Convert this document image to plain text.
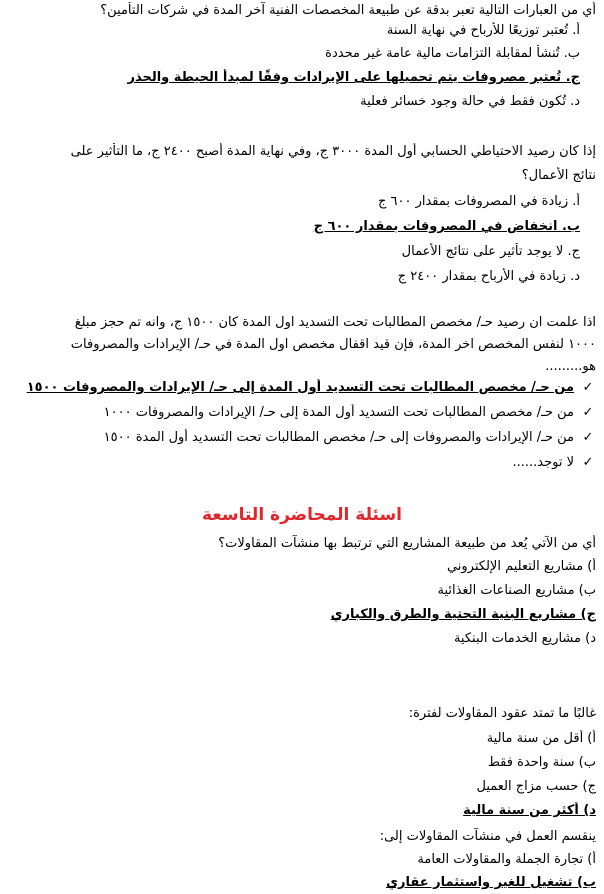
أي من العبارات التالية تعبر بدقة عن طبيعة المخصصات الفنية آخر المدة في شركات التأمين؟
أ. تُعتبر توزيعًا للأرباح في نهاية السنة
ب. تُنشأ لمقابلة التزامات مالية عامة غير محددة
ج. تُعتبر مصروفات يتم تحميلها على الإيرادات وفقًا لمبدأ الحيطة والحذر
د. تُكون فقط في حالة وجود خسائر فعلية
إذا كان رصيد الاحتياطي الحسابي أول المدة ٣٠٠٠ ج، وفي نهاية المدة أصبح ٢٤٠٠ ج، ما التأثير على
نتائج الأعمال؟
أ. زيادة في المصروفات بمقدار ٦٠٠ ج
ب. انخفاض في المصروفات بمقدار ٦٠٠ ج
ج. لا يوجد تأثير على نتائج الأعمال
د. زيادة في الأرباح بمقدار ٢٤٠٠ ج
اذا علمت ان رصيد حـ/ مخصص المطالبات تحت التسديد اول المدة كان ١٥٠٠ ج، وانه تم حجز مبلغ
١٠٠٠ لنفس المخصص اخر المدة، فإن قيد اقفال مخصص اول المدة في حـ/ الإيرادات والمصروفات
هو.........
✓من حـ/ مخصص المطالبات تحت التسديد أول المدة إلى حـ/ الإيرادات والمصروفات ١٥٠٠
✓من حـ/ مخصص المطالبات تحت التسديد أول المدة إلى حـ/ الإيرادات والمصروفات ١٠٠٠
✓من حـ/ الإيرادات والمصروفات إلى حـ/ مخصص المطالبات تحت التسديد أول المدة ١٥٠٠
✓لا توجد......
اسئلة المحاضرة التاسعة
أي من الآتي يُعد من طبيعة المشاريع التي ترتبط بها منشآت المقاولات؟
أ) مشاريع التعليم الإلكتروني
ب) مشاريع الصناعات الغذائية
ج) مشاريع البنية التحتية والطرق والكباري
د) مشاريع الخدمات البنكية
غالبًا ما تمتد عقود المقاولات لفترة:
أ) أقل من سنة مالية
ب) سنة واحدة فقط
ج) حسب مزاج العميل
د) أكثر من سنة مالية
ينقسم العمل في منشآت المقاولات إلى:
أ) تجارة الجملة والمقاولات العامة
ب) تشغيل للغير واستثمار عقاري
